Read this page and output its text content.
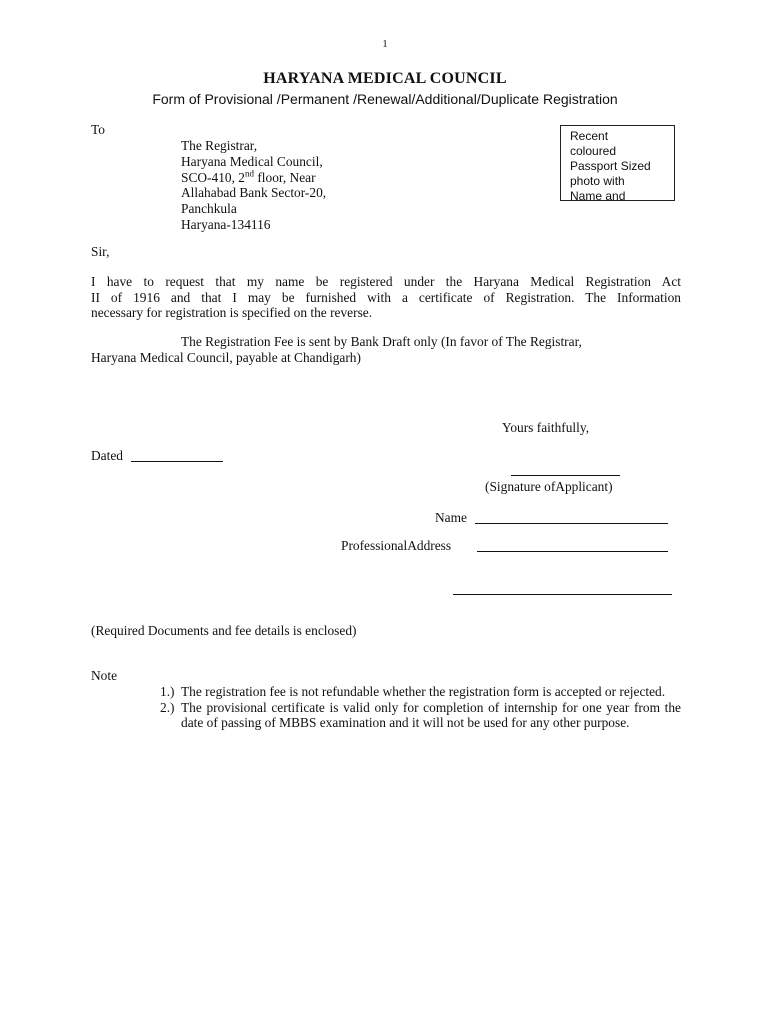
1
HARYANA MEDICAL COUNCIL
Form of Provisional /Permanent /Renewal/Additional/Duplicate Registration
To
The Registrar,
Haryana Medical Council,
SCO-410, 2nd floor, Near
Allahabad Bank Sector-20,
Panchkula
Haryana-134116
Recent
coloured
Passport Sized
photo with
Name and
Sir,
I have to request that my name be registered under the Haryana Medical Registration Act
II of 1916 and that I may be furnished with a certificate of Registration. The Information
necessary for registration is specified on the reverse.
The Registration Fee is sent by Bank Draft only (In favor of The Registrar,
Haryana Medical Council, payable at Chandigarh)
Yours faithfully,
Dated
(Signature ofApplicant)
Name
ProfessionalAddress
(Required Documents and fee details is enclosed)
Note
1.) The registration fee is not refundable whether the registration form is accepted or rejected.
2.) The provisional certificate is valid only for completion of internship for one year from the date of passing of MBBS examination and it will not be used for any other purpose.
